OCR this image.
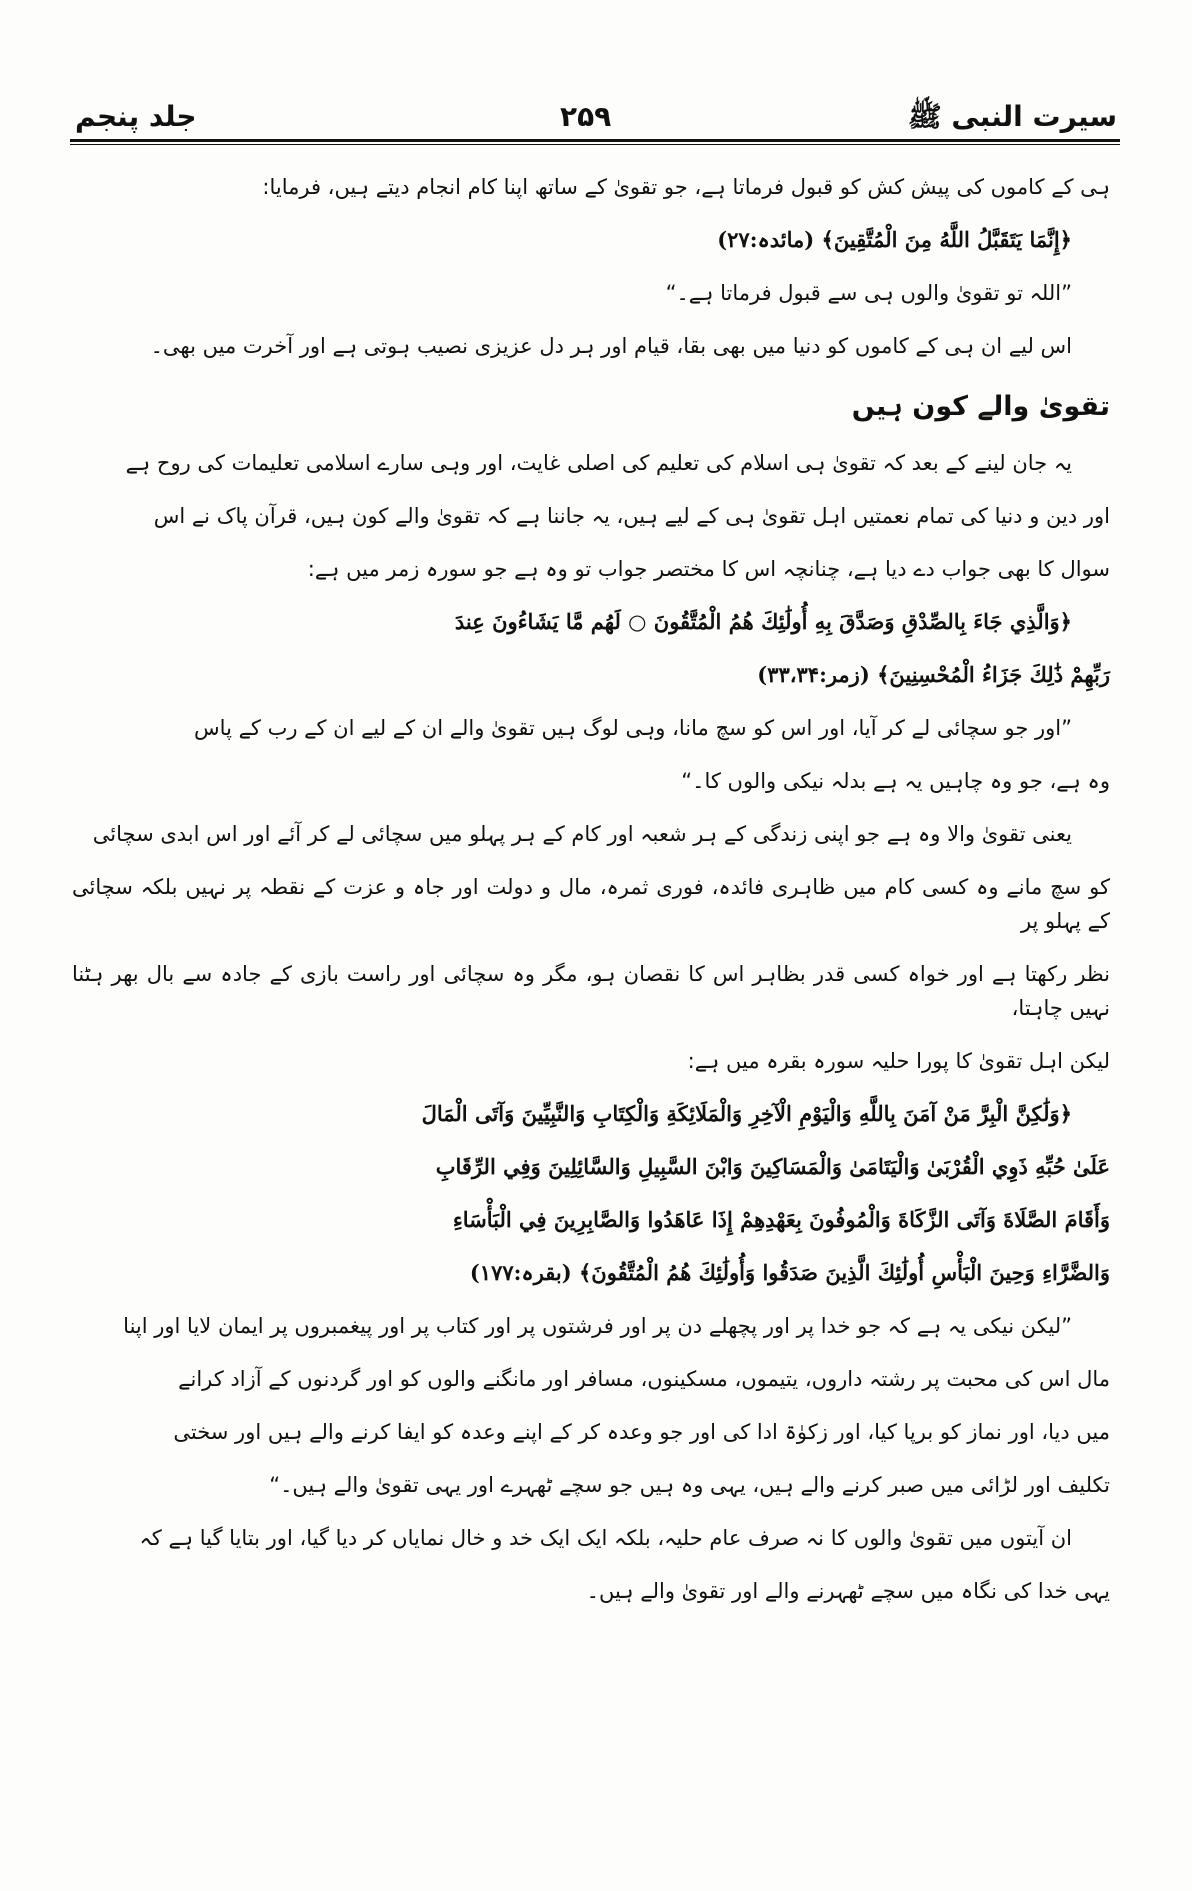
سیرت النبی ﷺ
۲۵۹
جلد پنجم
ہی کے کاموں کی پیش کش کو قبول فرماتا ہے، جو تقویٰ کے ساتھ اپنا کام انجام دیتے ہیں، فرمایا:
﴿إِنَّمَا يَتَقَبَّلُ اللَّهُ مِنَ الْمُتَّقِينَ﴾ (مائدہ:۲۷)
”اللہ تو تقویٰ والوں ہی سے قبول فرماتا ہے۔“
اس لیے ان ہی کے کاموں کو دنیا میں بھی بقا، قیام اور ہر دل عزیزی نصیب ہوتی ہے اور آخرت میں بھی۔
تقویٰ والے کون ہیں
یہ جان لینے کے بعد کہ تقویٰ ہی اسلام کی تعلیم کی اصلی غایت، اور وہی سارے اسلامی تعلیمات کی روح ہے
اور دین و دنیا کی تمام نعمتیں اہل تقویٰ ہی کے لیے ہیں، یہ جاننا ہے کہ تقویٰ والے کون ہیں، قرآن پاک نے اس
سوال کا بھی جواب دے دیا ہے، چنانچہ اس کا مختصر جواب تو وہ ہے جو سورہ زمر میں ہے:
﴿وَالَّذِي جَاءَ بِالصِّدْقِ وَصَدَّقَ بِهِ أُولَٰئِكَ هُمُ الْمُتَّقُونَ ○ لَهُم مَّا يَشَاءُونَ عِندَ
رَبِّهِمْ ذَٰلِكَ جَزَاءُ الْمُحْسِنِينَ﴾ (زمر:۳۳،۳۴)
”اور جو سچائی لے کر آیا، اور اس کو سچ مانا، وہی لوگ ہیں تقویٰ والے ان کے لیے ان کے رب کے پاس
وہ ہے، جو وہ چاہیں یہ ہے بدلہ نیکی والوں کا۔“
یعنی تقویٰ والا وہ ہے جو اپنی زندگی کے ہر شعبہ اور کام کے ہر پہلو میں سچائی لے کر آئے اور اس ابدی سچائی
کو سچ مانے وہ کسی کام میں ظاہری فائدہ، فوری ثمرہ، مال و دولت اور جاہ و عزت کے نقطہ پر نہیں بلکہ سچائی کے پہلو پر
نظر رکھتا ہے اور خواہ کسی قدر بظاہر اس کا نقصان ہو، مگر وہ سچائی اور راست بازی کے جادہ سے بال بھر ہٹنا نہیں چاہتا،
لیکن اہل تقویٰ کا پورا حلیہ سورہ بقرہ میں ہے:
﴿وَلَٰكِنَّ الْبِرَّ مَنْ آمَنَ بِاللَّهِ وَالْيَوْمِ الْآخِرِ وَالْمَلَائِكَةِ وَالْكِتَابِ وَالنَّبِيِّينَ وَآتَى الْمَالَ
عَلَىٰ حُبِّهِ ذَوِي الْقُرْبَىٰ وَالْيَتَامَىٰ وَالْمَسَاكِينَ وَابْنَ السَّبِيلِ وَالسَّائِلِينَ وَفِي الرِّقَابِ
وَأَقَامَ الصَّلَاةَ وَآتَى الزَّكَاةَ وَالْمُوفُونَ بِعَهْدِهِمْ إِذَا عَاهَدُوا وَالصَّابِرِينَ فِي الْبَأْسَاءِ
وَالضَّرَّاءِ وَحِينَ الْبَأْسِ أُولَٰئِكَ الَّذِينَ صَدَقُوا وَأُولَٰئِكَ هُمُ الْمُتَّقُونَ﴾ (بقرہ:۱۷۷)
”لیکن نیکی یہ ہے کہ جو خدا پر اور پچھلے دن پر اور فرشتوں پر اور کتاب پر اور پیغمبروں پر ایمان لایا اور اپنا
مال اس کی محبت پر رشتہ داروں، یتیموں، مسکینوں، مسافر اور مانگنے والوں کو اور گردنوں کے آزاد کرانے
میں دیا، اور نماز کو برپا کیا، اور زکوٰۃ ادا کی اور جو وعدہ کر کے اپنے وعدہ کو ایفا کرنے والے ہیں اور سختی
تکلیف اور لڑائی میں صبر کرنے والے ہیں، یہی وہ ہیں جو سچے ٹھہرے اور یہی تقویٰ والے ہیں۔“
ان آیتوں میں تقویٰ والوں کا نہ صرف عام حلیہ، بلکہ ایک ایک خد و خال نمایاں کر دیا گیا، اور بتایا گیا ہے کہ
یہی خدا کی نگاہ میں سچے ٹھہرنے والے اور تقویٰ والے ہیں۔
